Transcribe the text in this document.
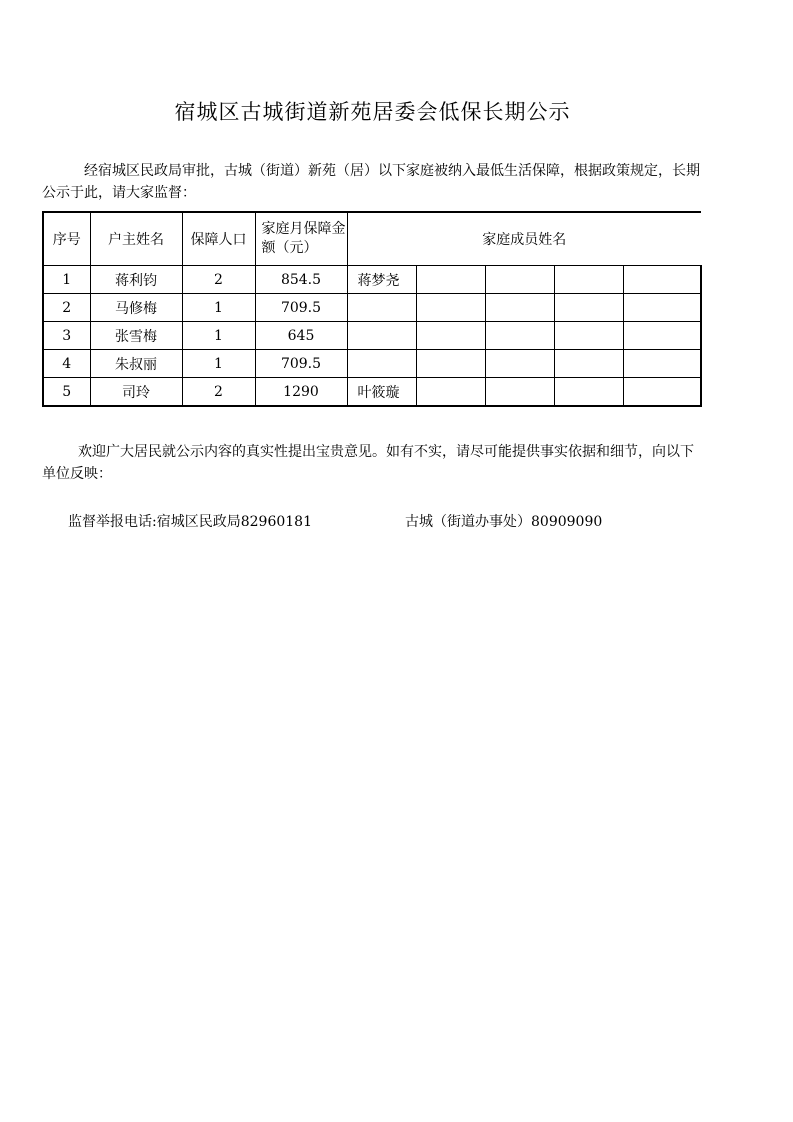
宿城区古城街道新苑居委会低保长期公示
经宿城区民政局审批，古城（街道）新苑（居）以下家庭被纳入最低生活保障，根据政策规定，长期公示于此，请大家监督：
序号	户主姓名	保障人口	家庭月保障金额（元）	家庭成员姓名				
1	蒋利钧	2	854.5	蒋梦尧				
2	马修梅	1	709.5					
3	张雪梅	1	645					
4	朱叔丽	1	709.5					
5	司玲	2	1290	叶筱璇				
欢迎广大居民就公示内容的真实性提出宝贵意见。如有不实，请尽可能提供事实依据和细节，向以下单位反映：
监督举报电话:宿城区民政局82960181	古城（街道办事处）80909090
